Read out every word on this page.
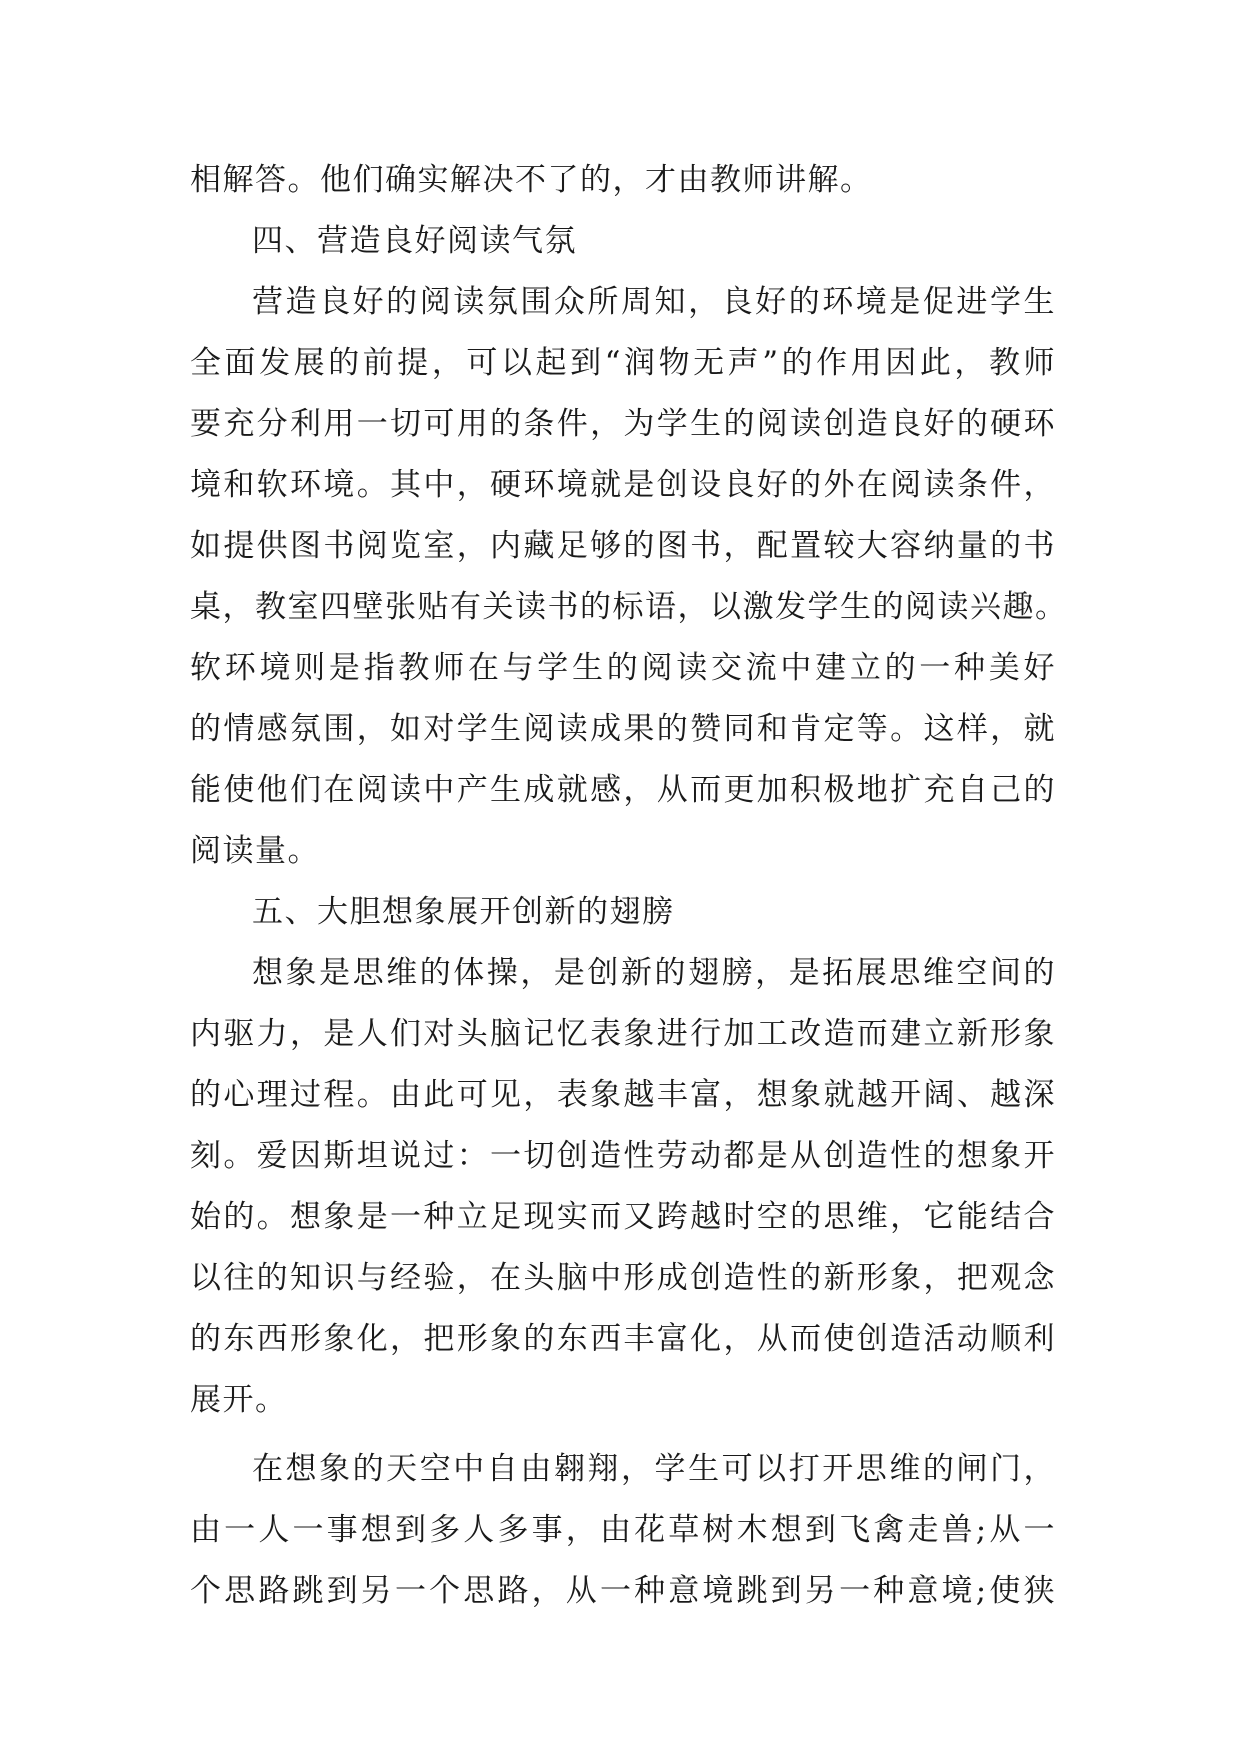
相解答。他们确实解决不了的，才由教师讲解。
四、营造良好阅读气氛
营造良好的阅读氛围众所周知，良好的环境是促进学生
全面发展的前提，可以起到“润物无声”的作用因此，教师
要充分利用一切可用的条件，为学生的阅读创造良好的硬环
境和软环境。其中，硬环境就是创设良好的外在阅读条件，
如提供图书阅览室，内藏足够的图书，配置较大容纳量的书
桌，教室四壁张贴有关读书的标语，以激发学生的阅读兴趣。
软环境则是指教师在与学生的阅读交流中建立的一种美好
的情感氛围，如对学生阅读成果的赞同和肯定等。这样，就
能使他们在阅读中产生成就感，从而更加积极地扩充自己的
阅读量。
五、大胆想象展开创新的翅膀
想象是思维的体操，是创新的翅膀，是拓展思维空间的
内驱力，是人们对头脑记忆表象进行加工改造而建立新形象
的心理过程。由此可见，表象越丰富，想象就越开阔、越深
刻。爱因斯坦说过：一切创造性劳动都是从创造性的想象开
始的。想象是一种立足现实而又跨越时空的思维，它能结合
以往的知识与经验，在头脑中形成创造性的新形象，把观念
的东西形象化，把形象的东西丰富化，从而使创造活动顺利
展开。
在想象的天空中自由翱翔，学生可以打开思维的闸门，
由一人一事想到多人多事，由花草树木想到飞禽走兽;从一
个思路跳到另一个思路，从一种意境跳到另一种意境;使狭
